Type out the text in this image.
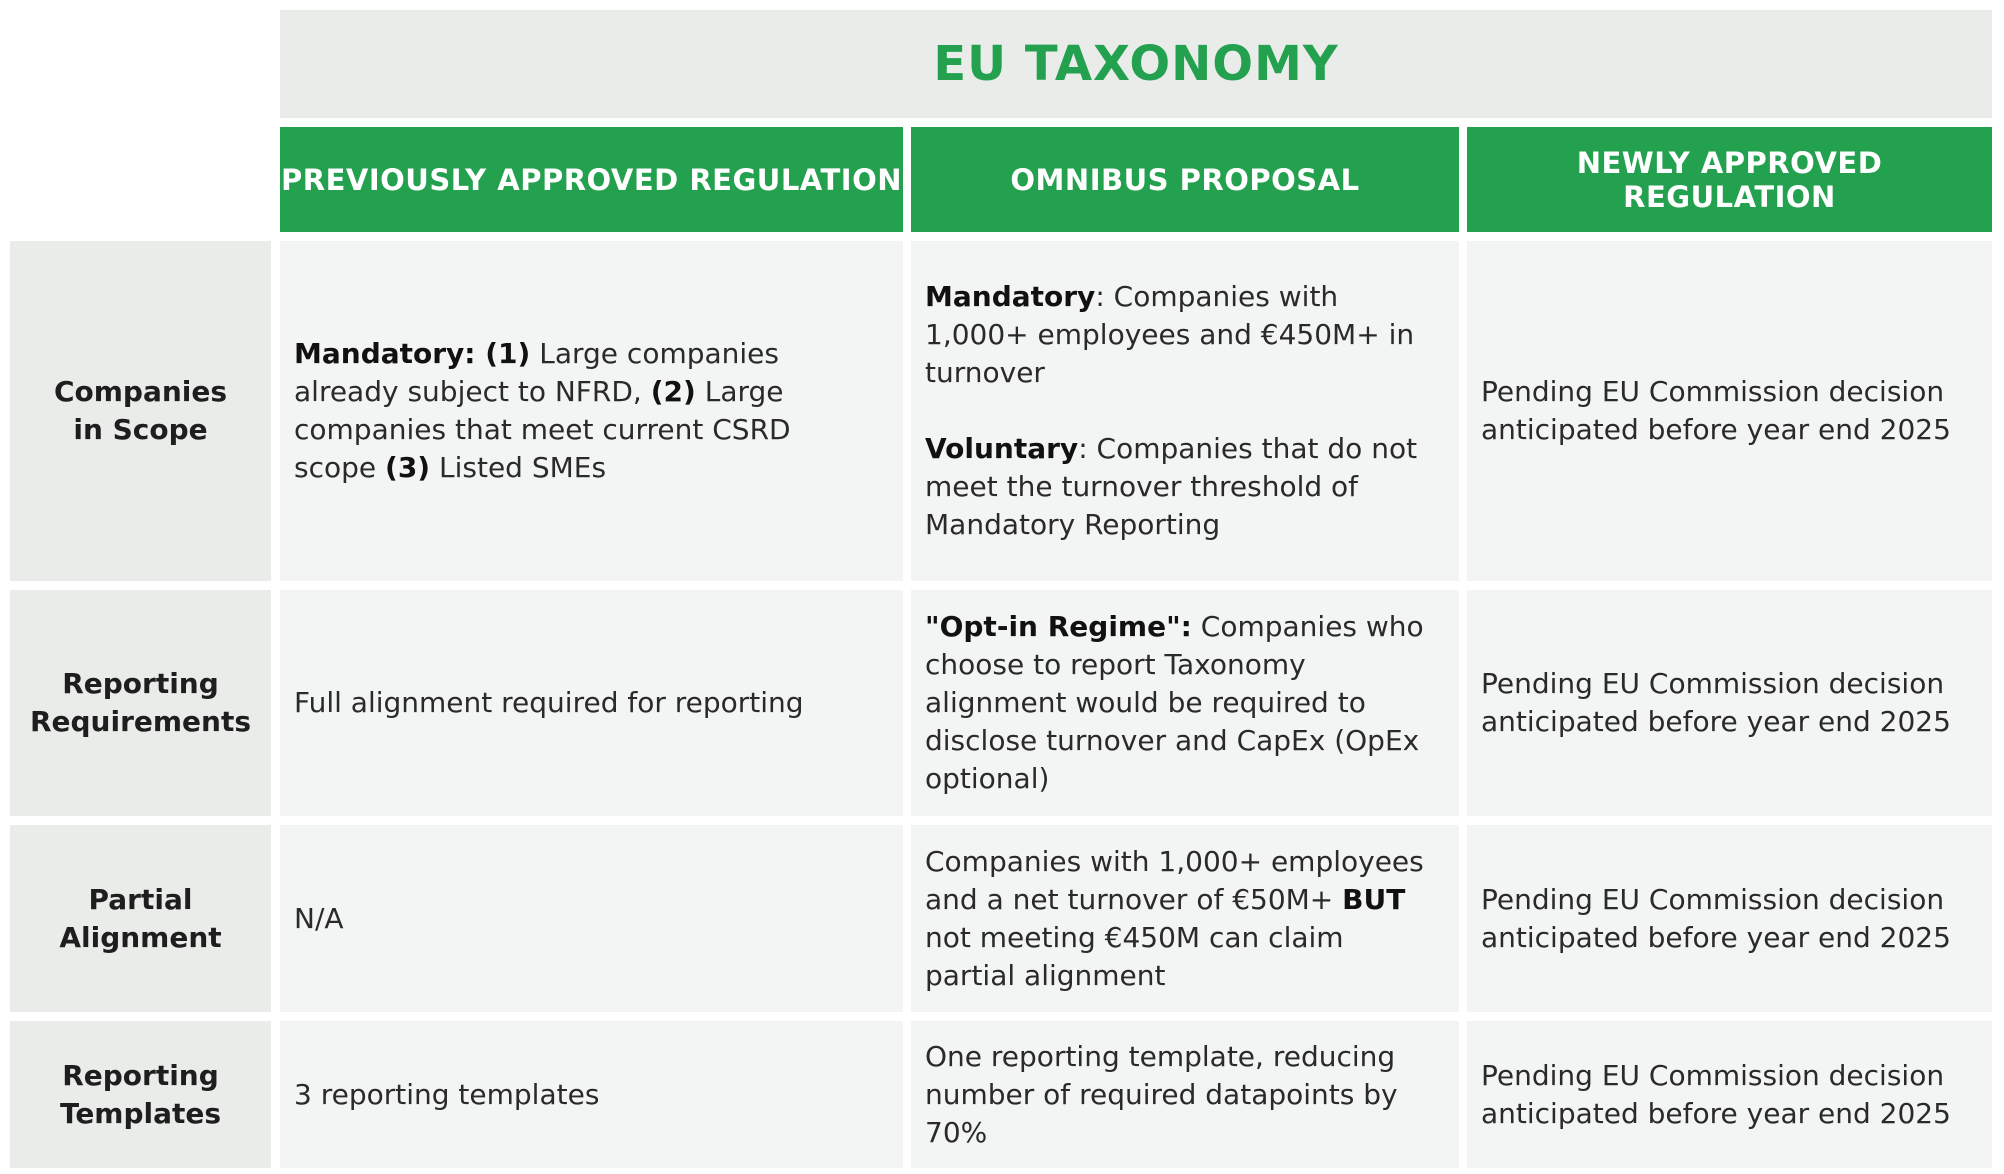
EU TAXONOMY
PREVIOUSLY APPROVED REGULATION	OMNIBUS PROPOSAL	NEWLY APPROVED REGULATION
Companies
in Scope
Mandatory: (1) Large companies already subject to NFRD, (2) Large companies that meet current CSRD scope (3) Listed SMEs
Mandatory: Companies with 1,000+ employees and €450M+ in turnover
Voluntary: Companies that do not meet the turnover threshold of Mandatory Reporting
Pending EU Commission decision
anticipated before year end 2025
Reporting
Requirements
Full alignment required for reporting
"Opt-in Regime": Companies who choose to report Taxonomy alignment would be required to disclose turnover and CapEx (OpEx optional)
Pending EU Commission decision
anticipated before year end 2025
Partial
Alignment
N/A
Companies with 1,000+ employees and a net turnover of €50M+ BUT not meeting €450M can claim partial alignment
Pending EU Commission decision
anticipated before year end 2025
Reporting
Templates
3 reporting templates
One reporting template, reducing number of required datapoints by 70%
Pending EU Commission decision
anticipated before year end 2025
